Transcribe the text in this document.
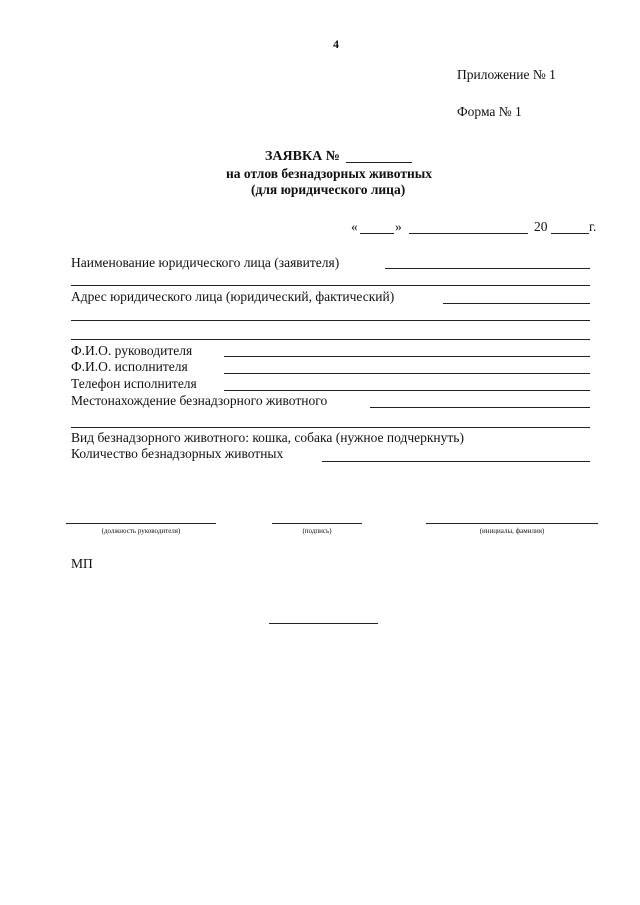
4
Приложение № 1
Форма № 1
ЗАЯВКА №
на отлов безнадзорных животных
(для юридического лица)
«	»	20	г.
Наименование юридического лица (заявителя)
Адрес юридического лица (юридический, фактический)
Ф.И.О. руководителя
Ф.И.О. исполнителя
Телефон исполнителя
Местонахождение безнадзорного животного
Вид безнадзорного животного: кошка, собака (нужное подчеркнуть)
Количество безнадзорных животных
(должность руководителя)	(подпись)	(инициалы, фамилия)
МП
